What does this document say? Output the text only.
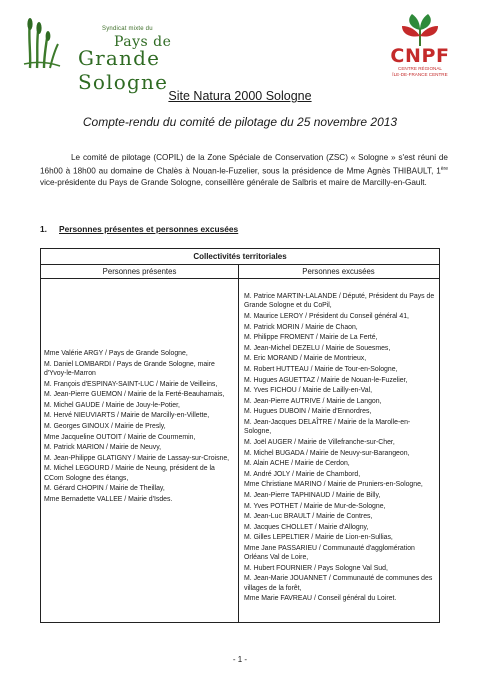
Syndicat mixte du
Pays de
Grande Sologne
CNPF
CENTRE RÉGIONAL
ÎLE-DE-FRANCE CENTRE
Site Natura 2000 Sologne
Compte-rendu du comité de pilotage du 25 novembre 2013

Le comité de pilotage (COPIL) de la Zone Spéciale de Conservation (ZSC) « Sologne » s'est réuni de 16h00 à 18h00 au domaine de Chalès à Nouan-le-Fuzelier, sous la présidence de Mme Agnès THIBAULT, 1ère vice-présidente du Pays de Grande Sologne, conseillère générale de Salbris et maire de Marcilly-en-Gault.

1. Personnes présentes et personnes excusées
Collectivités territoriales
Personnes présentes	Personnes excusées
Mme Valérie ARGY / Pays de Grande Sologne,
M. Daniel LOMBARDI / Pays de Grande Sologne, maire d'Yvoy-le-Marron
M. François d'ESPINAY-SAINT-LUC / Mairie de Veilleins,
M. Jean-Pierre GUEMON / Mairie de la Ferté-Beauharnais,
M. Michel GAUDE / Mairie de Jouy-le-Potier,
M. Hervé NIEUVIARTS / Mairie de Marcilly-en-Villette,
M. Georges GINOUX / Mairie de Presly,
Mme Jacqueline OUTOIT / Mairie de Courmemin,
M. Patrick MARION / Mairie de Neuvy,
M. Jean-Philippe GLATIGNY / Mairie de Lassay-sur-Croisne,
M. Michel LEGOURD / Mairie de Neung, président de la CCom Sologne des étangs,
M. Gérard CHOPIN / Mairie de Theillay,
Mme Bernadette VALLEE / Mairie d'Isdes.
M. Patrice MARTIN-LALANDE / Député, Président du Pays de Grande Sologne et du CoPil,
M. Maurice LEROY / Président du Conseil général 41,
M. Patrick MORIN / Mairie de Chaon,
M. Philippe FROMENT / Mairie de La Ferté,
M. Jean-Michel DEZELU / Mairie de Souesmes,
M. Eric MORAND / Mairie de Montrieux,
M. Robert HUTTEAU / Mairie de Tour-en-Sologne,
M. Hugues AGUETTAZ / Mairie de Nouan-le-Fuzelier,
M. Yves FICHOU / Mairie de Lailly-en-Val,
M. Jean-Pierre AUTRIVE / Mairie de Langon,
M. Hugues DUBOIN / Mairie d'Ennordres,
M. Jean-Jacques DELAÎTRE / Mairie de la Marolle-en-Sologne,
M. Joël AUGER / Mairie de Villefranche-sur-Cher,
M. Michel BUGADA / Mairie de Neuvy-sur-Barangeon,
M. Alain ACHE / Mairie de Cerdon,
M. André JOLY / Mairie de Chambord,
Mme Christiane MARINO / Mairie de Pruniers-en-Sologne,
M. Jean-Pierre TAPHINAUD / Mairie de Billy,
M. Yves POTHET / Mairie de Mur-de-Sologne,
M. Jean-Luc BRAULT / Mairie de Contres,
M. Jacques CHOLLET / Mairie d'Allogny,
M. Gilles LEPELTIER / Mairie de Lion-en-Sullias,
Mme Jane PASSARIEU / Communauté d'agglomération Orléans Val de Loire,
M. Hubert FOURNIER / Pays Sologne Val Sud,
M. Jean-Marie JOUANNET / Communauté de communes des villages de la forêt,
Mme Marie FAVREAU / Conseil général du Loiret.
- 1 -
